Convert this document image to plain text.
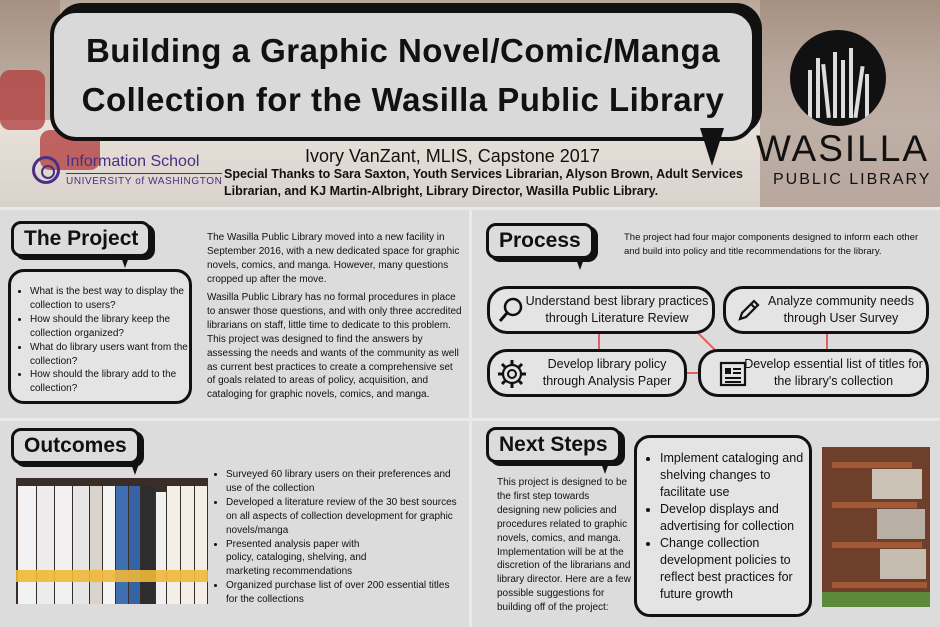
Building a Graphic Novel/Comic/Manga
Collection for the Wasilla Public Library
Information School
UNIVERSITY of WASHINGTON
Ivory VanZant, MLIS, Capstone 2017
Special Thanks to Sara Saxton, Youth Services Librarian, Alyson Brown, Adult Services Librarian, and KJ Martin-Albright, Library Director, Wasilla Public Library.
WASILLA
PUBLIC LIBRARY
The Project
• What is the best way to display the collection to users?
• How should the library keep the collection organized?
• What do library users want from the collection?
• How should the library add to the collection?
The Wasilla Public Library moved into a new facility in September 2016, with a new dedicated space for graphic novels, comics, and manga. However, many questions cropped up after the move.
Wasilla Public Library has no formal procedures in place to answer those questions, and with only three accredited librarians on staff, little time to dedicate to this problem. This project was designed to find the answers by assessing the needs and wants of the community as well as current best practices to create a comprehensive set of goals related to areas of policy, acquisition, and cataloging for graphic novels, comics, and manga.
Process	The project had four major components designed to inform each other and build into policy and title recommendations for the library.
Understand best library practices through Literature Review
Analyze community needs through User Survey
Develop library policy through Analysis Paper
Develop essential list of titles for the library's collection
Outcomes
• Surveyed 60 library users on their preferences and use of the collection
• Developed a literature review of the 30 best sources on all aspects of collection development for graphic novels/manga
• Presented analysis paper with policy, cataloging, shelving, and marketing recommendations
• Organized purchase list of over 200 essential titles for the collections
Next Steps
This project is designed to be the first step towards designing new policies and procedures related to graphic novels, comics, and manga. Implementation will be at the discretion of the librarians and library director. Here are a few possible suggestions for building off of the project:
• Implement cataloging and shelving changes to facilitate use
• Develop displays and advertising for collection
• Change collection development policies to reflect best practices for future growth
